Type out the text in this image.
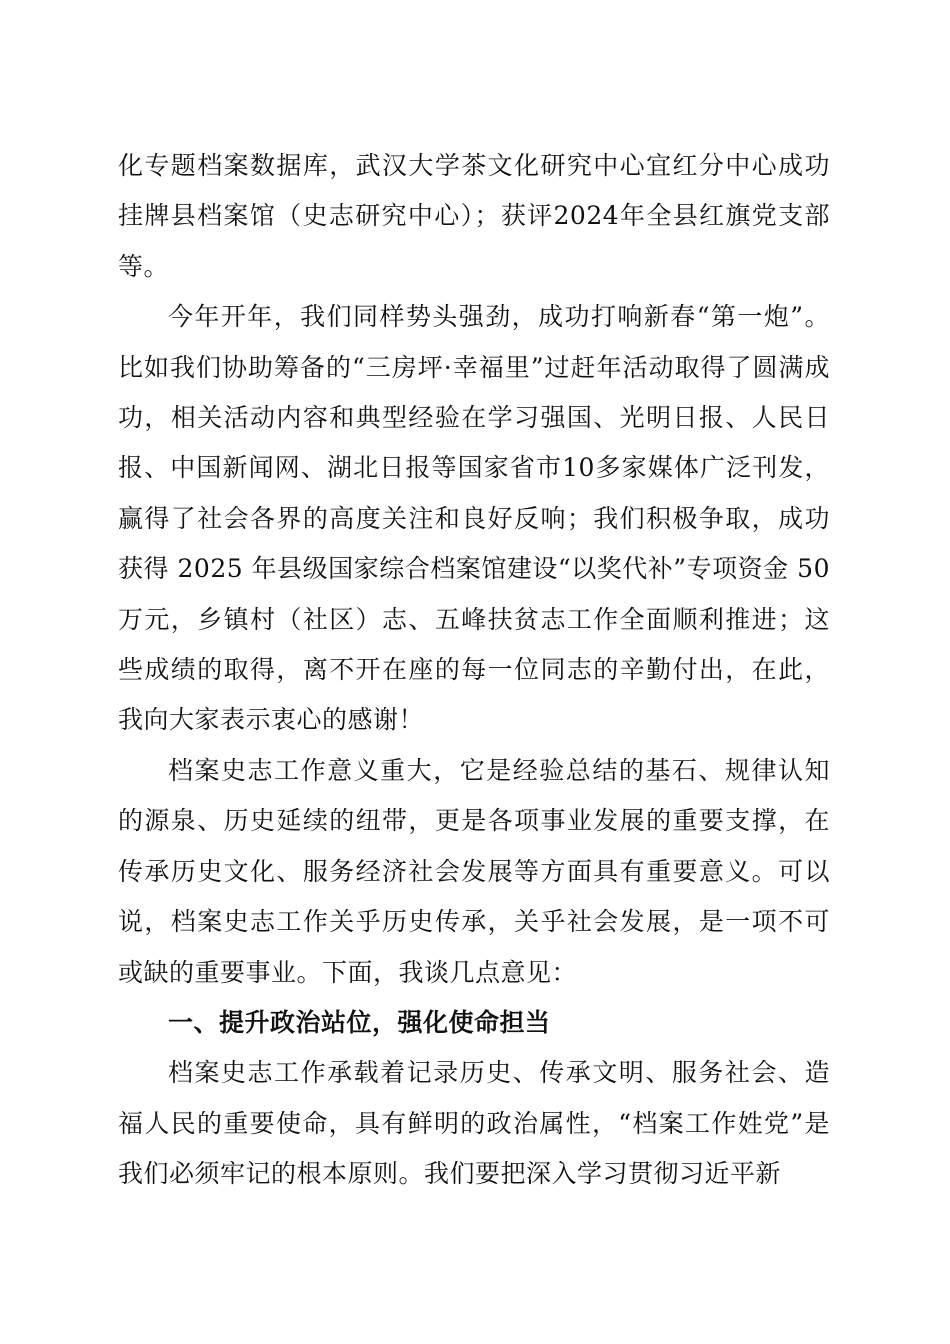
化专题档案数据库，武汉大学茶文化研究中心宜红分中心成功挂牌县档案馆（史志研究中心）；获评2024年全县红旗党支部等。

今年开年，我们同样势头强劲，成功打响新春“第一炮”。比如我们协助筹备的“三房坪·幸福里”过赶年活动取得了圆满成功，相关活动内容和典型经验在学习强国、光明日报、人民日报、中国新闻网、湖北日报等国家省市10多家媒体广泛刊发，赢得了社会各界的高度关注和良好反响；我们积极争取，成功获得 2025 年县级国家综合档案馆建设“以奖代补”专项资金 50 万元，乡镇村（社区）志、五峰扶贫志工作全面顺利推进；这些成绩的取得，离不开在座的每一位同志的辛勤付出，在此，我向大家表示衷心的感谢！

档案史志工作意义重大，它是经验总结的基石、规律认知的源泉、历史延续的纽带，更是各项事业发展的重要支撑，在传承历史文化、服务经济社会发展等方面具有重要意义。可以说，档案史志工作关乎历史传承，关乎社会发展，是一项不可或缺的重要事业。下面，我谈几点意见：

一、提升政治站位，强化使命担当

档案史志工作承载着记录历史、传承文明、服务社会、造福人民的重要使命，具有鲜明的政治属性，“档案工作姓党”是我们必须牢记的根本原则。我们要把深入学习贯彻习近平新
